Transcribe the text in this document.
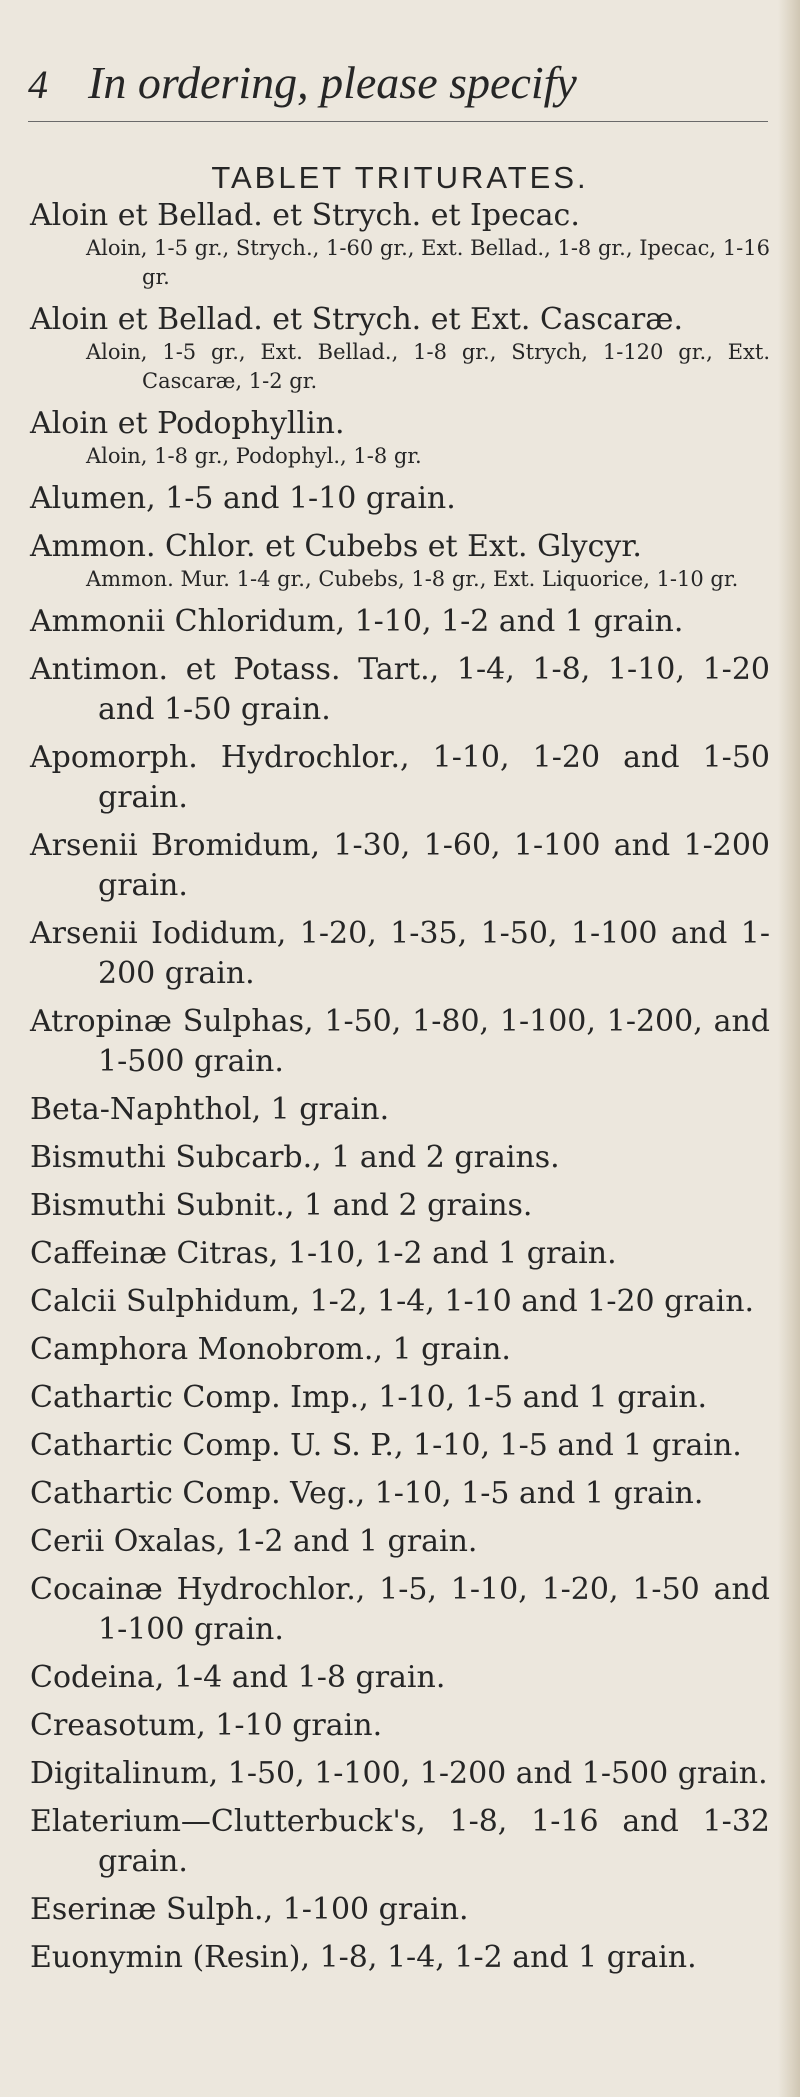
4 In ordering, please specify
TABLET TRITURATES.
Aloin et Bellad. et Strych. et Ipecac.
Aloin, 1-5 gr., Strych., 1-60 gr., Ext. Bellad., 1-8 gr., Ipecac, 1-16 gr.
Aloin et Bellad. et Strych. et Ext. Cascaræ.
Aloin, 1-5 gr., Ext. Bellad., 1-8 gr., Strych, 1-120 gr., Ext. Cascaræ, 1-2 gr.
Aloin et Podophyllin.
Aloin, 1-8 gr., Podophyl., 1-8 gr.
Alumen, 1-5 and 1-10 grain.
Ammon. Chlor. et Cubebs et Ext. Glycyr.
Ammon. Mur. 1-4 gr., Cubebs, 1-8 gr., Ext. Liquorice, 1-10 gr.
Ammonii Chloridum, 1-10, 1-2 and 1 grain.
Antimon. et Potass. Tart., 1-4, 1-8, 1-10, 1-20 and 1-50 grain.
Apomorph. Hydrochlor., 1-10, 1-20 and 1-50 grain.
Arsenii Bromidum, 1-30, 1-60, 1-100 and 1-200 grain.
Arsenii Iodidum, 1-20, 1-35, 1-50, 1-100 and 1-200 grain.
Atropinæ Sulphas, 1-50, 1-80, 1-100, 1-200, and 1-500 grain.
Beta-Naphthol, 1 grain.
Bismuthi Subcarb., 1 and 2 grains.
Bismuthi Subnit., 1 and 2 grains.
Caffeinæ Citras, 1-10, 1-2 and 1 grain.
Calcii Sulphidum, 1-2, 1-4, 1-10 and 1-20 grain.
Camphora Monobrom., 1 grain.
Cathartic Comp. Imp., 1-10, 1-5 and 1 grain.
Cathartic Comp. U. S. P., 1-10, 1-5 and 1 grain.
Cathartic Comp. Veg., 1-10, 1-5 and 1 grain.
Cerii Oxalas, 1-2 and 1 grain.
Cocainæ Hydrochlor., 1-5, 1-10, 1-20, 1-50 and 1-100 grain.
Codeina, 1-4 and 1-8 grain.
Creasotum, 1-10 grain.
Digitalinum, 1-50, 1-100, 1-200 and 1-500 grain.
Elaterium—Clutterbuck's, 1-8, 1-16 and 1-32 grain.
Eserinæ Sulph., 1-100 grain.
Euonymin (Resin), 1-8, 1-4, 1-2 and 1 grain.
